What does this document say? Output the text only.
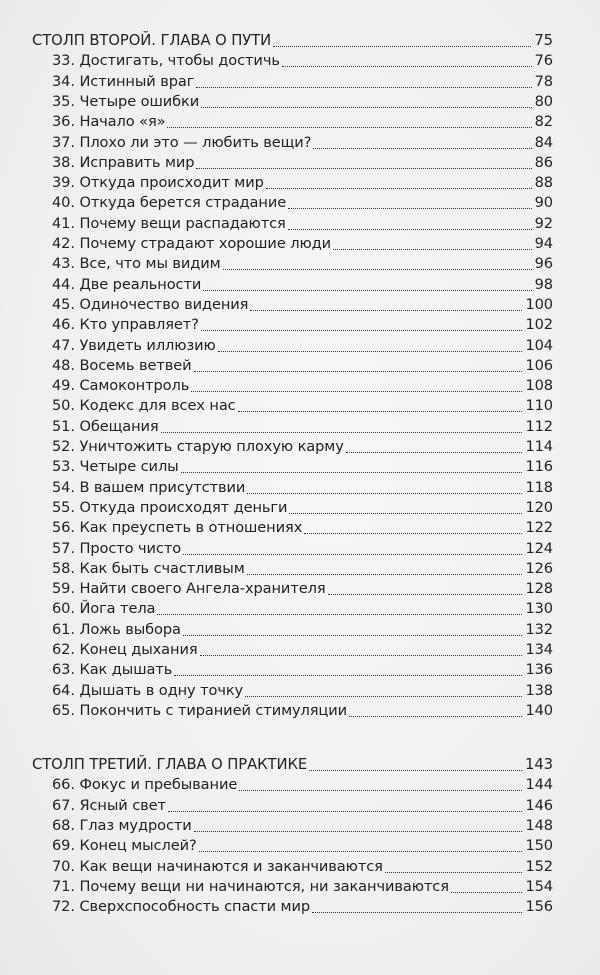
СТОЛП ВТОРОЙ. ГЛАВА О ПУТИ	75
33. Достигать, чтобы достичь	76
34. Истинный враг	78
35. Четыре ошибки	80
36. Начало «я»	82
37. Плохо ли это — любить вещи?	84
38. Исправить мир	86
39. Откуда происходит мир	88
40. Откуда берется страдание	90
41. Почему вещи распадаются	92
42. Почему страдают хорошие люди	94
43. Все, что мы видим	96
44. Две реальности	98
45. Одиночество видения	100
46. Кто управляет?	102
47. Увидеть иллюзию	104
48. Восемь ветвей	106
49. Самоконтроль	108
50. Кодекс для всех нас	110
51. Обещания	112
52. Уничтожить старую плохую карму	114
53. Четыре силы	116
54. В вашем присутствии	118
55. Откуда происходят деньги	120
56. Как преуспеть в отношениях	122
57. Просто чисто	124
58. Как быть счастливым	126
59. Найти своего Ангела-хранителя	128
60. Йога тела	130
61. Ложь выбора	132
62. Конец дыхания	134
63. Как дышать	136
64. Дышать в одну точку	138
65. Покончить с тиранией стимуляции	140
СТОЛП ТРЕТИЙ. ГЛАВА О ПРАКТИКЕ	143
66. Фокус и пребывание	144
67. Ясный свет	146
68. Глаз мудрости	148
69. Конец мыслей?	150
70. Как вещи начинаются и заканчиваются	152
71. Почему вещи ни начинаются, ни заканчиваются	154
72. Сверхспособность спасти мир	156
